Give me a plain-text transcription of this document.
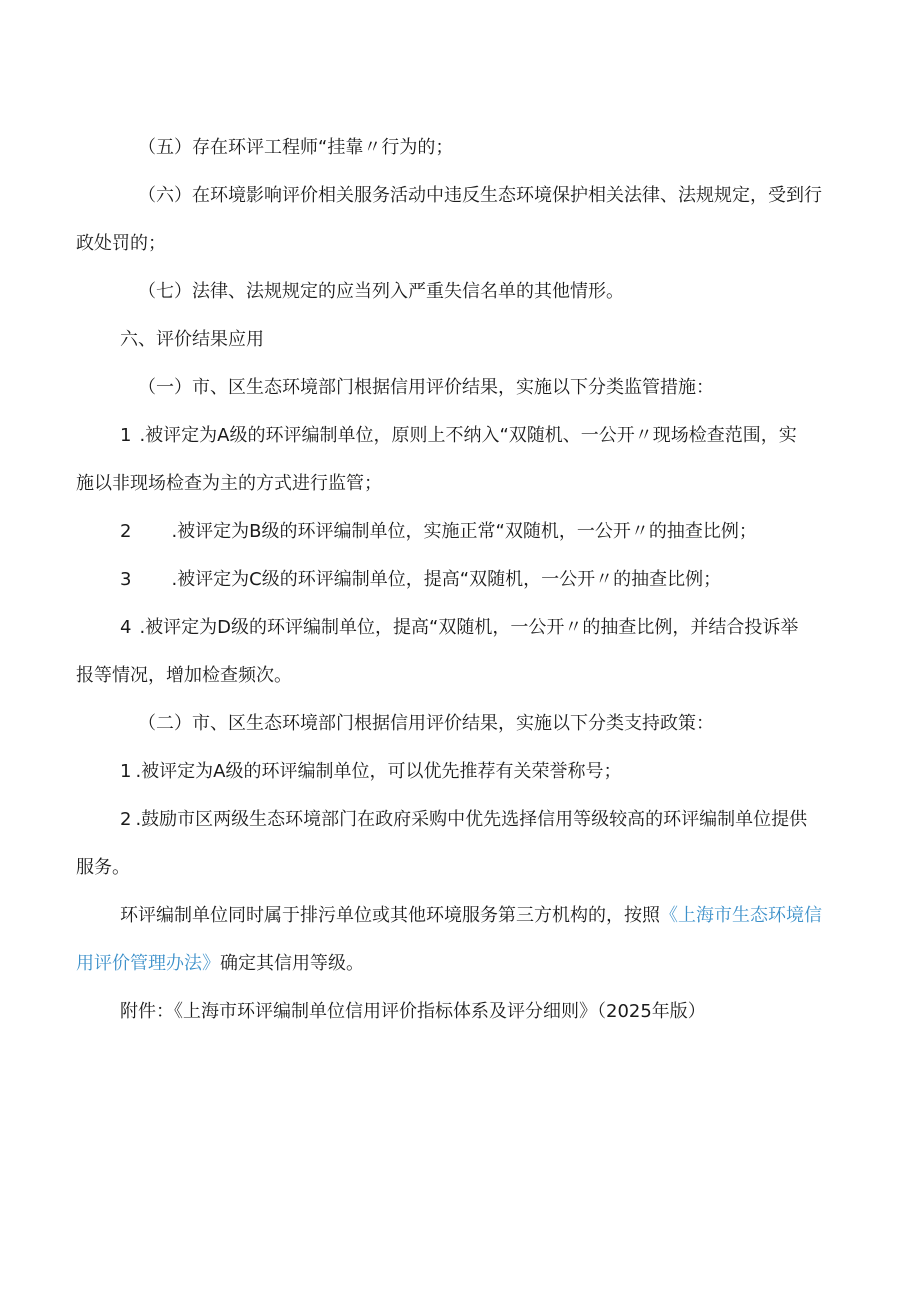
（五）存在环评工程师“挂靠〃行为的；

（六）在环境影响评价相关服务活动中违反生态环境保护相关法律、法规规定，受到行

政处罚的；

（七）法律、法规规定的应当列入严重失信名单的其他情形。

六、评价结果应用

（一）市、区生态环境部门根据信用评价结果，实施以下分类监管措施：

1 .被评定为A级的环评编制单位，原则上不纳入“双随机、一公开〃现场检查范围，实

施以非现场检查为主的方式进行监管；

2 .被评定为B级的环评编制单位，实施正常“双随机，一公开〃的抽查比例；

3 .被评定为C级的环评编制单位，提高“双随机，一公开〃的抽查比例；

4 .被评定为D级的环评编制单位，提高“双随机，一公开〃的抽查比例，并结合投诉举

报等情况，增加检查频次。

（二）市、区生态环境部门根据信用评价结果，实施以下分类支持政策：

1 .被评定为A级的环评编制单位，可以优先推荐有关荣誉称号；

2 .鼓励市区两级生态环境部门在政府采购中优先选择信用等级较高的环评编制单位提供

服务。

环评编制单位同时属于排污单位或其他环境服务第三方机构的，按照《上海市生态环境信

用评价管理办法》确定其信用等级。

附件：《上海市环评编制单位信用评价指标体系及评分细则》（2025年版）
